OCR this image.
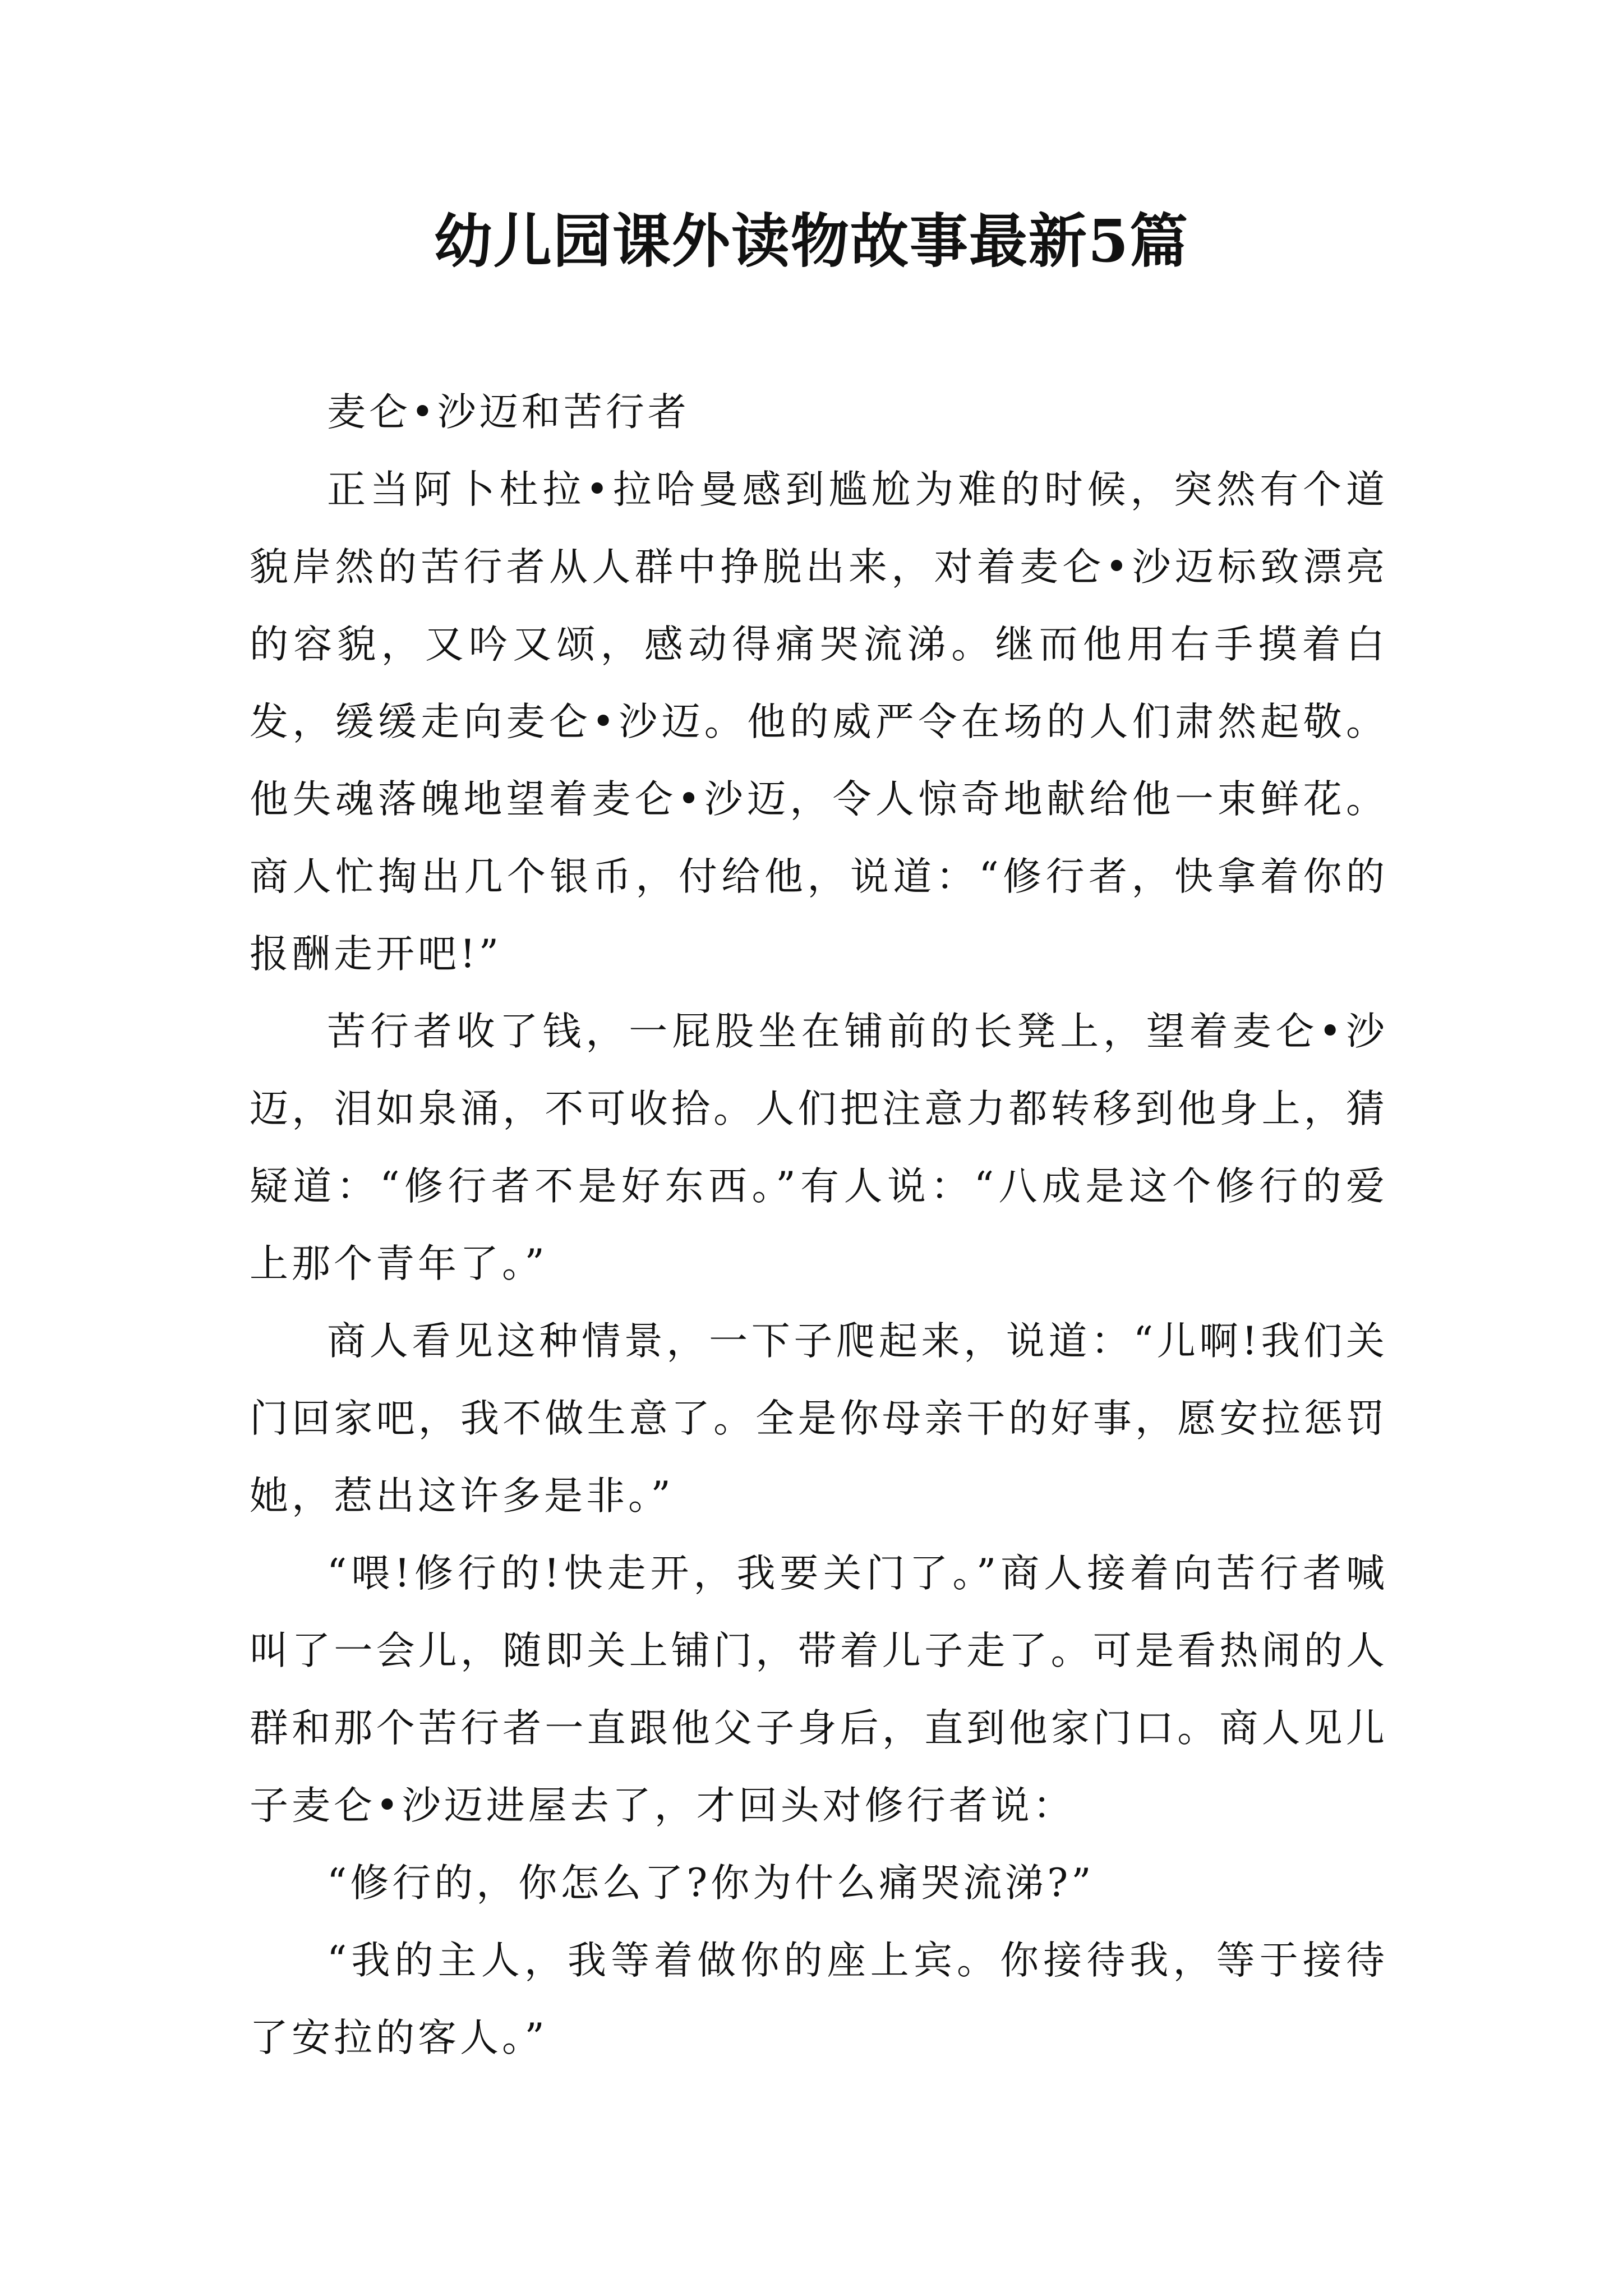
幼儿园课外读物故事最新5篇

麦仑•沙迈和苦行者

正当阿卜杜拉•拉哈曼感到尴尬为难的时候，突然有个道貌岸然的苦行者从人群中挣脱出来，对着麦仑•沙迈标致漂亮的容貌，又吟又颂，感动得痛哭流涕。继而他用右手摸着白发，缓缓走向麦仑•沙迈。他的威严令在场的人们肃然起敬。他失魂落魄地望着麦仑•沙迈，令人惊奇地献给他一束鲜花。商人忙掏出几个银币，付给他，说道：“修行者，快拿着你的报酬走开吧!”

苦行者收了钱，一屁股坐在铺前的长凳上，望着麦仑•沙迈，泪如泉涌，不可收拾。人们把注意力都转移到他身上，猜疑道：“修行者不是好东西。”有人说：“八成是这个修行的爱上那个青年了。”

商人看见这种情景，一下子爬起来，说道：“儿啊!我们关门回家吧，我不做生意了。全是你母亲干的好事，愿安拉惩罚她，惹出这许多是非。”

“喂!修行的!快走开，我要关门了。”商人接着向苦行者喊叫了一会儿，随即关上铺门，带着儿子走了。可是看热闹的人群和那个苦行者一直跟他父子身后，直到他家门口。商人见儿子麦仑•沙迈进屋去了，才回头对修行者说：

“修行的，你怎么了?你为什么痛哭流涕?”

“我的主人，我等着做你的座上宾。你接待我，等于接待了安拉的客人。”
